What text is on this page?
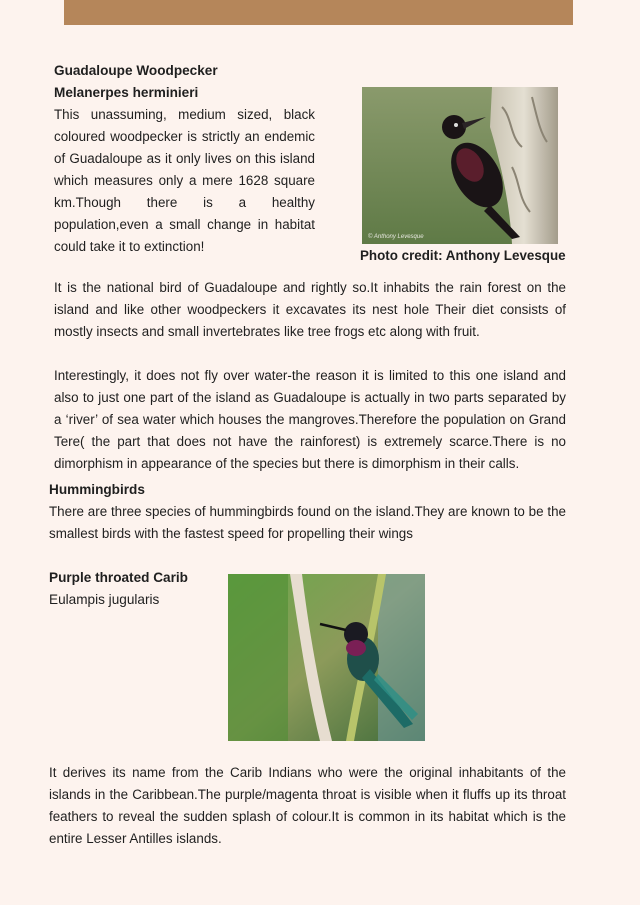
Guadaloupe Woodpecker
Melanerpes herminieri

This unassuming, medium sized, black coloured woodpecker is strictly an endemic of Guadaloupe as it only lives on this island which measures only a mere 1628 square km.Though there is a healthy population,even a small change in habitat could take it to extinction!

© Anthony Levesque
Photo credit: Anthony Levesque

It is the national bird of Guadaloupe and rightly so.It inhabits the rain forest on the island and like other woodpeckers it excavates its nest hole Their diet consists of mostly insects and small invertebrates like tree frogs etc along with fruit.

Interestingly, it does not fly over water-the reason it is limited to this one island and also to just one part of the island as Guadaloupe is actually in two parts separated by a ‘river’ of sea water which houses the mangroves.Therefore the population on Grand Tere( the part that does not have the rainforest) is extremely scarce.There is no dimorphism in appearance of the species but there is dimorphism in their calls.

Hummingbirds

There are three species of hummingbirds found on the island.They are known to be the smallest birds with the fastest speed for propelling their wings

Purple throated Carib
Eulampis jugularis

It derives its name from the Carib Indians who were the original inhabitants of the islands in the Caribbean.The purple/magenta throat is visible when it fluffs up its throat feathers to reveal the sudden splash of colour.It is common in its habitat which is the entire Lesser Antilles islands.
